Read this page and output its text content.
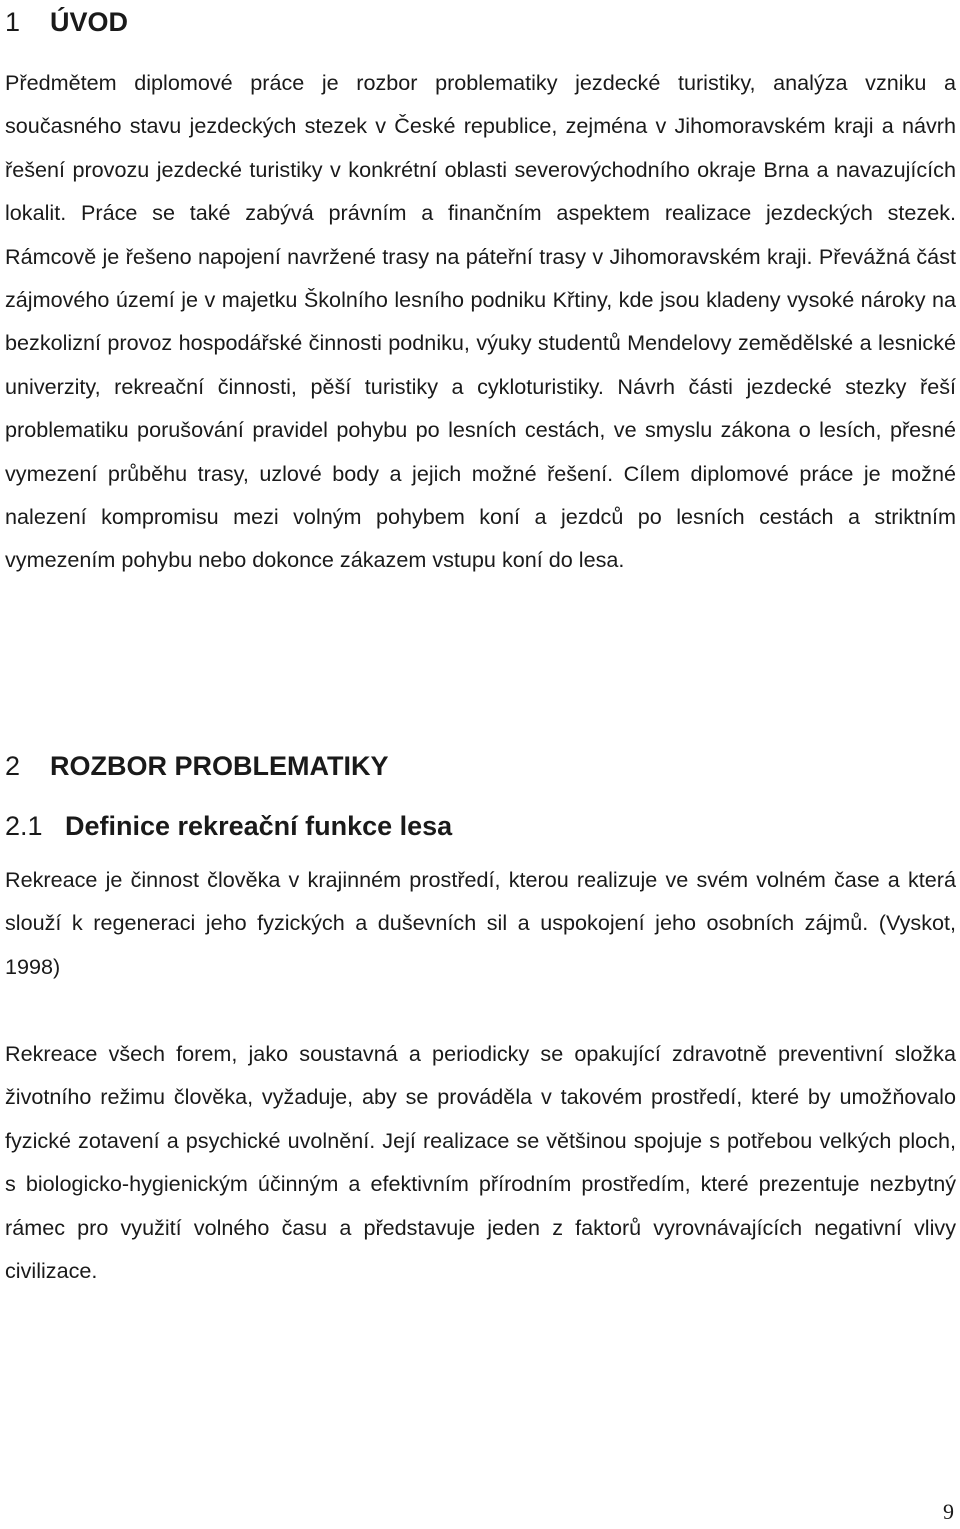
1 ÚVOD

Předmětem diplomové práce je rozbor problematiky jezdecké turistiky, analýza vzniku a současného stavu jezdeckých stezek v České republice, zejména v Jihomoravském kraji a návrh řešení provozu jezdecké turistiky v konkrétní oblasti severovýchodního okraje Brna a navazujících lokalit. Práce se také zabývá právním a finančním aspektem realizace jezdeckých stezek. Rámcově je řešeno napojení navržené trasy na páteřní trasy v Jihomoravském kraji. Převážná část zájmového území je v majetku Školního lesního podniku Křtiny, kde jsou kladeny vysoké nároky na bezkolizní provoz hospodářské činnosti podniku, výuky studentů Mendelovy zemědělské a lesnické univerzity, rekreační činnosti, pěší turistiky a cykloturistiky. Návrh části jezdecké stezky řeší problematiku porušování pravidel pohybu po lesních cestách, ve smyslu zákona o lesích, přesné vymezení průběhu trasy, uzlové body a jejich možné řešení. Cílem diplomové práce je možné nalezení kompromisu mezi volným pohybem koní a jezdců po lesních cestách a striktním vymezením pohybu nebo dokonce zákazem vstupu koní do lesa.

2 ROZBOR PROBLEMATIKY
2.1 Definice rekreační funkce lesa

Rekreace je činnost člověka v krajinném prostředí, kterou realizuje ve svém volném čase a která slouží k regeneraci jeho fyzických a duševních sil a uspokojení jeho osobních zájmů. (Vyskot, 1998)

Rekreace všech forem, jako soustavná a periodicky se opakující zdravotně preventivní složka životního režimu člověka, vyžaduje, aby se prováděla v takovém prostředí, které by umožňovalo fyzické zotavení a psychické uvolnění. Její realizace se většinou spojuje s potřebou velkých ploch, s biologicko-hygienickým účinným a efektivním přírodním prostředím, které prezentuje nezbytný rámec pro využití volného času a představuje jeden z faktorů vyrovnávajících negativní vlivy civilizace.

9
